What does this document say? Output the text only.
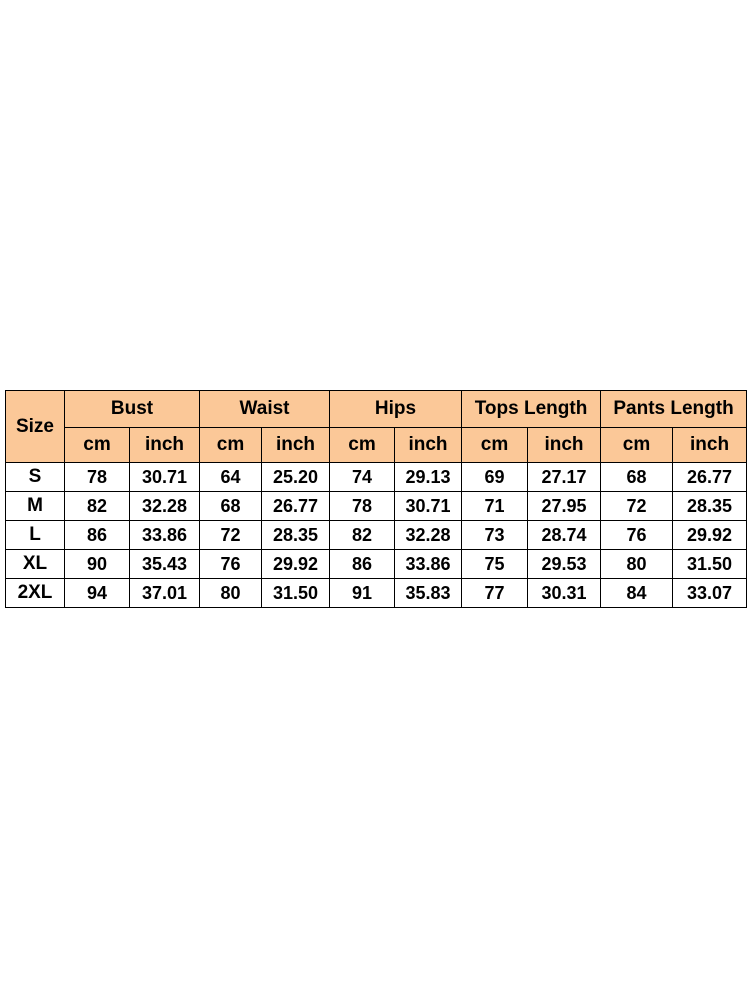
Size	Bust		Waist		Hips		Tops Length		Pants Length	
	cm	inch	cm	inch	cm	inch	cm	inch	cm	inch
S	78	30.71	64	25.20	74	29.13	69	27.17	68	26.77
M	82	32.28	68	26.77	78	30.71	71	27.95	72	28.35
L	86	33.86	72	28.35	82	32.28	73	28.74	76	29.92
XL	90	35.43	76	29.92	86	33.86	75	29.53	80	31.50
2XL	94	37.01	80	31.50	91	35.83	77	30.31	84	33.07
